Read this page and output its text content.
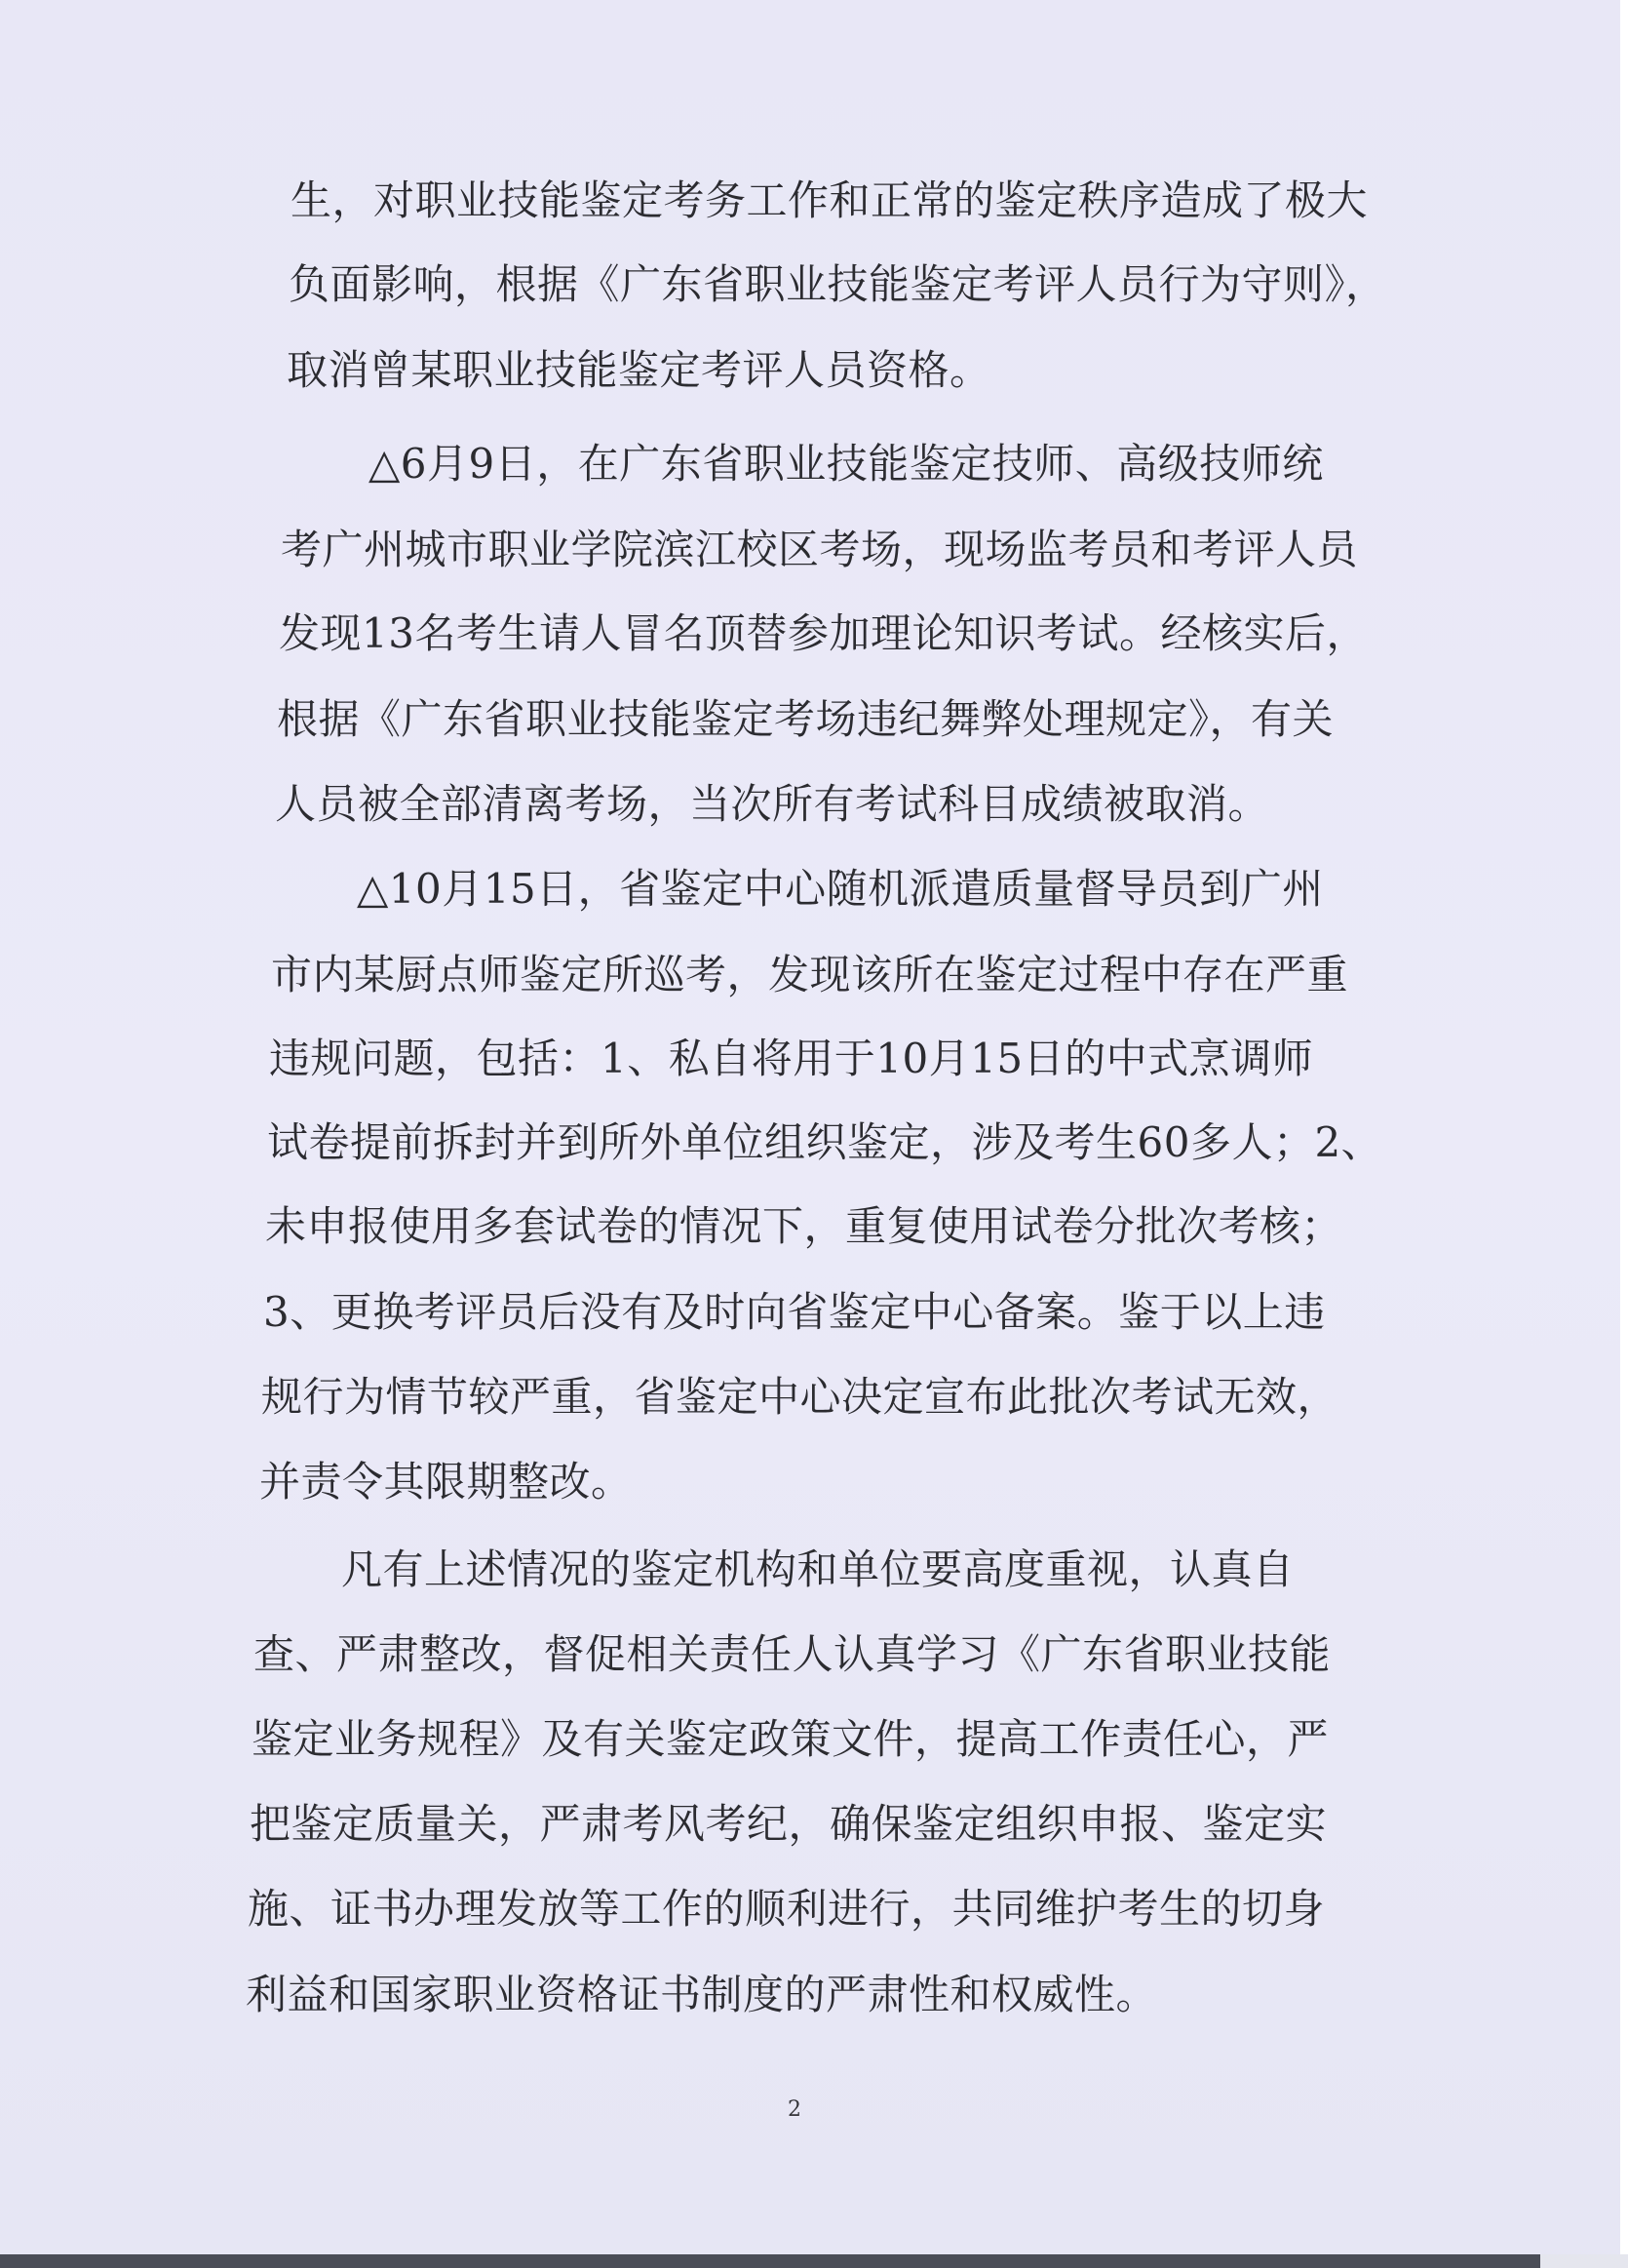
生，对职业技能鉴定考务工作和正常的鉴定秩序造成了极大
负面影响，根据《广东省职业技能鉴定考评人员行为守则》，
取消曾某职业技能鉴定考评人员资格。
△6月9日，在广东省职业技能鉴定技师、高级技师统
考广州城市职业学院滨江校区考场，现场监考员和考评人员
发现13名考生请人冒名顶替参加理论知识考试。经核实后，
根据《广东省职业技能鉴定考场违纪舞弊处理规定》，有关
人员被全部清离考场，当次所有考试科目成绩被取消。
△10月15日，省鉴定中心随机派遣质量督导员到广州
市内某厨点师鉴定所巡考，发现该所在鉴定过程中存在严重
违规问题，包括：1、私自将用于10月15日的中式烹调师
试卷提前拆封并到所外单位组织鉴定，涉及考生60多人；2、
未申报使用多套试卷的情况下，重复使用试卷分批次考核；
3、更换考评员后没有及时向省鉴定中心备案。鉴于以上违
规行为情节较严重，省鉴定中心决定宣布此批次考试无效，
并责令其限期整改。
凡有上述情况的鉴定机构和单位要高度重视，认真自
查、严肃整改，督促相关责任人认真学习《广东省职业技能
鉴定业务规程》及有关鉴定政策文件，提高工作责任心，严
把鉴定质量关，严肃考风考纪，确保鉴定组织申报、鉴定实
施、证书办理发放等工作的顺利进行，共同维护考生的切身
利益和国家职业资格证书制度的严肃性和权威性。
2
